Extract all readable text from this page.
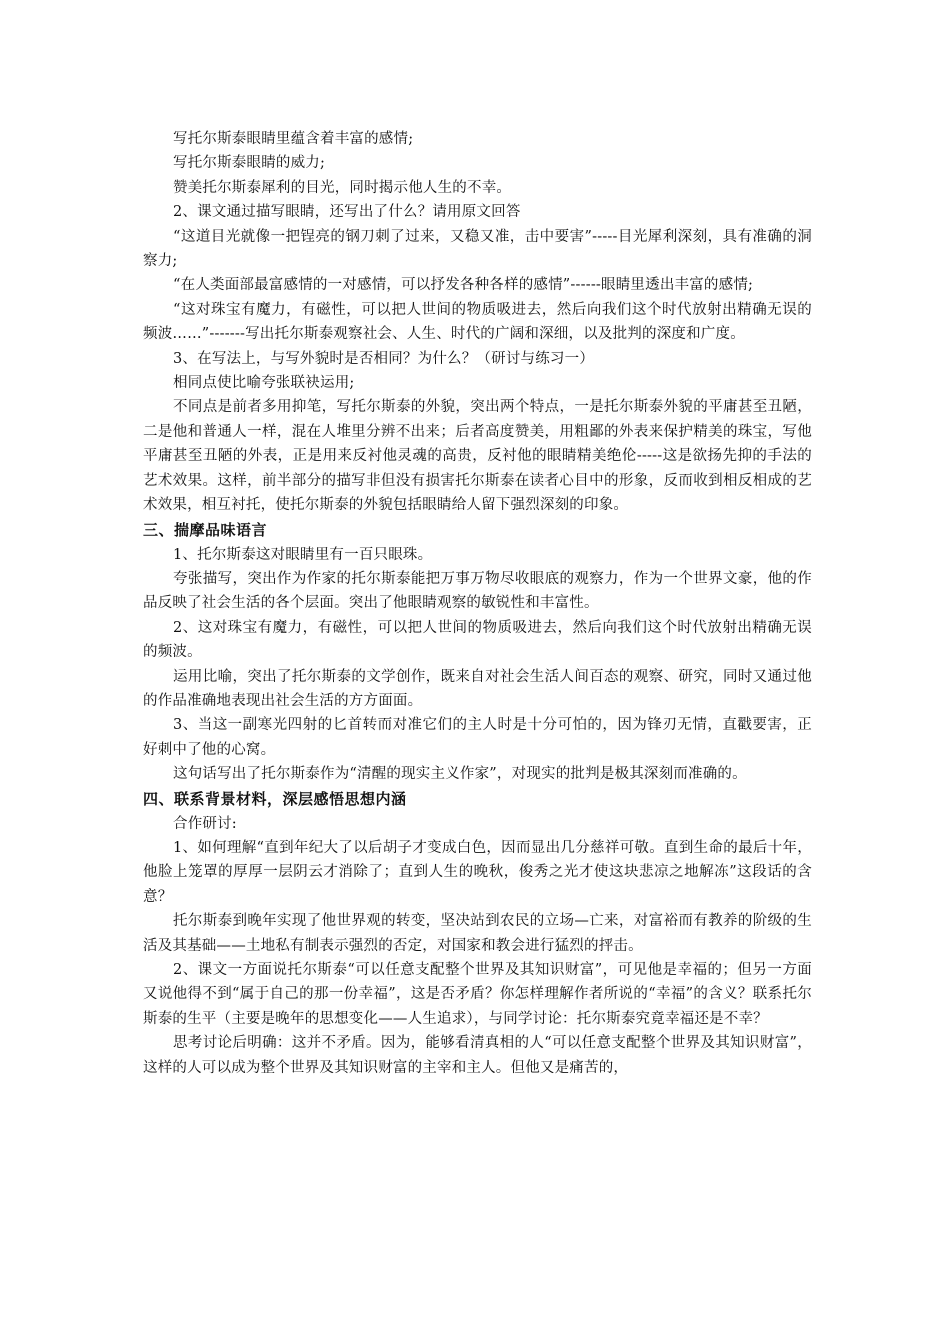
写托尔斯泰眼睛里蕴含着丰富的感情;

写托尔斯泰眼睛的威力;

赞美托尔斯泰犀利的目光，同时揭示他人生的不幸。

2、课文通过描写眼睛，还写出了什么？请用原文回答

“这道目光就像一把锃亮的钢刀刺了过来，又稳又准，击中要害”-----目光犀利深刻，具有准确的洞察力;

“在人类面部最富感情的一对感情，可以抒发各种各样的感情”------眼睛里透出丰富的感情;

“这对珠宝有魔力，有磁性，可以把人世间的物质吸进去，然后向我们这个时代放射出精确无误的频波……”-------写出托尔斯泰观察社会、人生、时代的广阔和深细，以及批判的深度和广度。

3、在写法上，与写外貌时是否相同？为什么？（研讨与练习一）

相同点使比喻夸张联袂运用;

不同点是前者多用抑笔，写托尔斯泰的外貌，突出两个特点，一是托尔斯泰外貌的平庸甚至丑陋，二是他和普通人一样，混在人堆里分辨不出来；后者高度赞美，用粗鄙的外表来保护精美的珠宝，写他平庸甚至丑陋的外表，正是用来反衬他灵魂的高贵，反衬他的眼睛精美绝伦-----这是欲扬先抑的手法的艺术效果。这样，前半部分的描写非但没有损害托尔斯泰在读者心目中的形象，反而收到相反相成的艺术效果，相互衬托，使托尔斯泰的外貌包括眼睛给人留下强烈深刻的印象。

三、揣摩品味语言

1、托尔斯泰这对眼睛里有一百只眼珠。

夸张描写，突出作为作家的托尔斯泰能把万事万物尽收眼底的观察力，作为一个世界文豪，他的作品反映了社会生活的各个层面。突出了他眼睛观察的敏锐性和丰富性。

2、这对珠宝有魔力，有磁性，可以把人世间的物质吸进去，然后向我们这个时代放射出精确无误的频波。

运用比喻，突出了托尔斯泰的文学创作，既来自对社会生活人间百态的观察、研究，同时又通过他的作品准确地表现出社会生活的方方面面。

3、当这一副寒光四射的匕首转而对准它们的主人时是十分可怕的，因为锋刃无情，直戳要害，正好刺中了他的心窝。

这句话写出了托尔斯泰作为“清醒的现实主义作家”，对现实的批判是极其深刻而准确的。

四、联系背景材料，深层感悟思想内涵

合作研讨:

1、如何理解“直到年纪大了以后胡子才变成白色，因而显出几分慈祥可敬。直到生命的最后十年，他脸上笼罩的厚厚一层阴云才消除了；直到人生的晚秋，俊秀之光才使这块悲凉之地解冻”这段话的含意？

托尔斯泰到晚年实现了他世界观的转变，坚决站到农民的立场—亡来，对富裕而有教养的阶级的生活及其基础——土地私有制表示强烈的否定，对国家和教会进行猛烈的抨击。

2、课文一方面说托尔斯泰“可以任意支配整个世界及其知识财富”，可见他是幸福的；但另一方面又说他得不到“属于自己的那一份幸福”，这是否矛盾？你怎样理解作者所说的“幸福”的含义？联系托尔斯泰的生平（主要是晚年的思想变化——人生追求），与同学讨论：托尔斯泰究竟幸福还是不幸？

思考讨论后明确：这并不矛盾。因为，能够看清真相的人“可以任意支配整个世界及其知识财富”，这样的人可以成为整个世界及其知识财富的主宰和主人。但他又是痛苦的，
